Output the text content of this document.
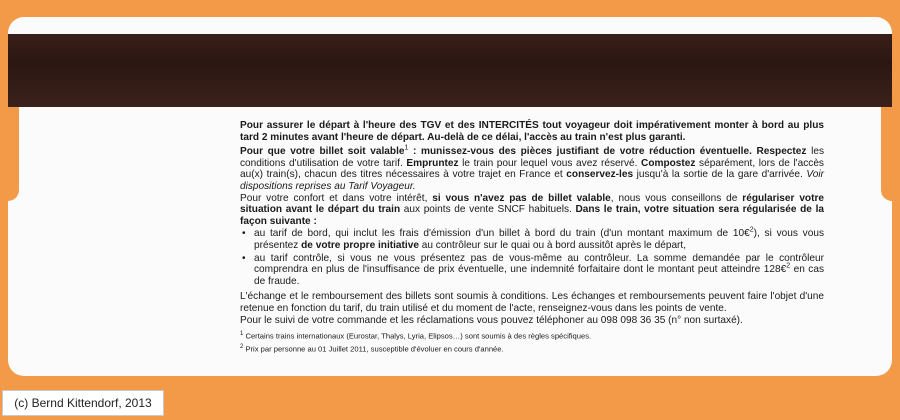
Pour assurer le départ à l'heure des TGV et des INTERCITÉS tout voyageur doit impérativement monter à bord au plus tard 2 minutes avant l'heure de départ. Au-delà de ce délai, l'accès au train n'est plus garanti.

Pour que votre billet soit valable$^1$ : munissez-vous des pièces justifiant de votre réduction éventuelle. Respectez les conditions d'utilisation de votre tarif. Empruntez le train pour lequel vous avez réservé. Compostez séparément, lors de l'accès au(x) train(s), chacun des titres nécessaires à votre trajet en France et conservez-les jusqu'à la sortie de la gare d'arrivée. Voir dispositions reprises au Tarif Voyageur.

Pour votre confort et dans votre intérêt, si vous n'avez pas de billet valable, nous vous conseillons de régulariser votre situation avant le départ du train aux points de vente SNCF habituels. Dans le train, votre situation sera régularisée de la façon suivante :

• au tarif de bord, qui inclut les frais d'émission d'un billet à bord du train (d'un montant maximum de 10€$^2$), si vous vous présentez de votre propre initiative au contrôleur sur le quai ou à bord aussitôt après le départ,
• au tarif contrôle, si vous ne vous présentez pas de vous-même au contrôleur. La somme demandée par le contrôleur comprendra en plus de l'insuffisance de prix éventuelle, une indemnité forfaitaire dont le montant peut atteindre 128€$^2$ en cas de fraude.

L'échange et le remboursement des billets sont soumis à conditions. Les échanges et remboursements peuvent faire l'objet d'une retenue en fonction du tarif, du train utilisé et du moment de l'acte, renseignez-vous dans les points de vente.

Pour le suivi de votre commande et les réclamations vous pouvez téléphoner au 098 098 36 35 (n° non surtaxé).

$^1$ Certains trains internationaux (Eurostar, Thalys, Lyria, Elipsos…) sont soumis à des règles spécifiques.

$^2$ Prix par personne au 01 Juillet 2011, susceptible d'évoluer en cours d'année.

(c) Bernd Kittendorf, 2013
